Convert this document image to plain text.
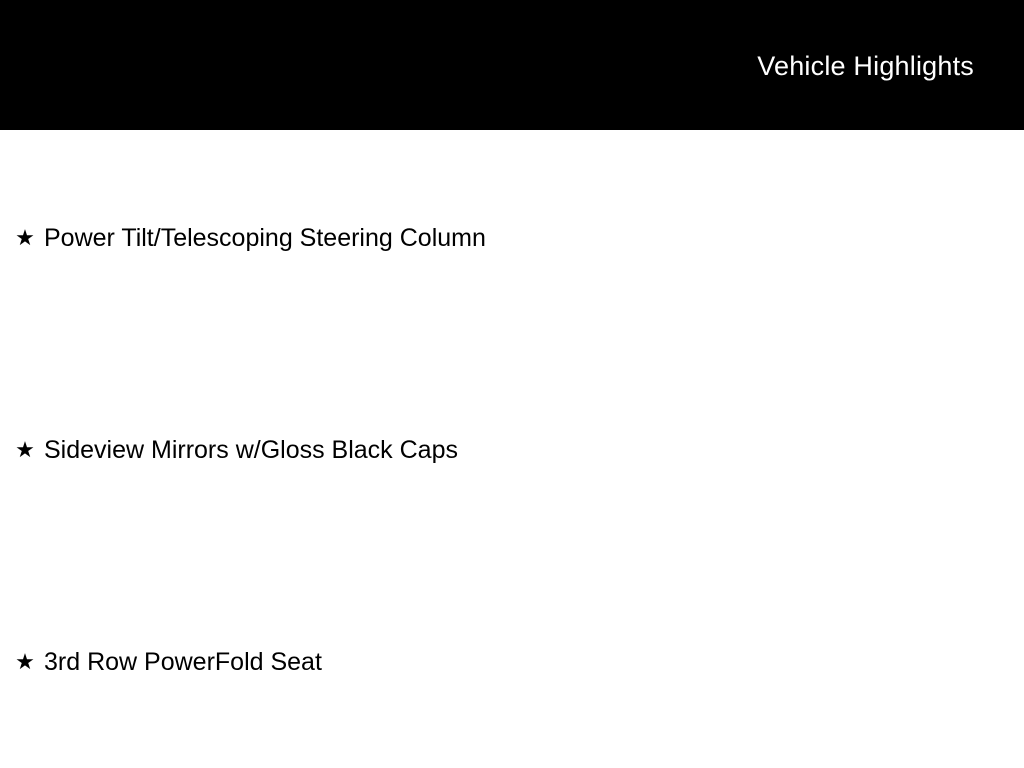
Vehicle Highlights
★ Power Tilt/Telescoping Steering Column
★ Sideview Mirrors w/Gloss Black Caps
★ 3rd Row PowerFold Seat
